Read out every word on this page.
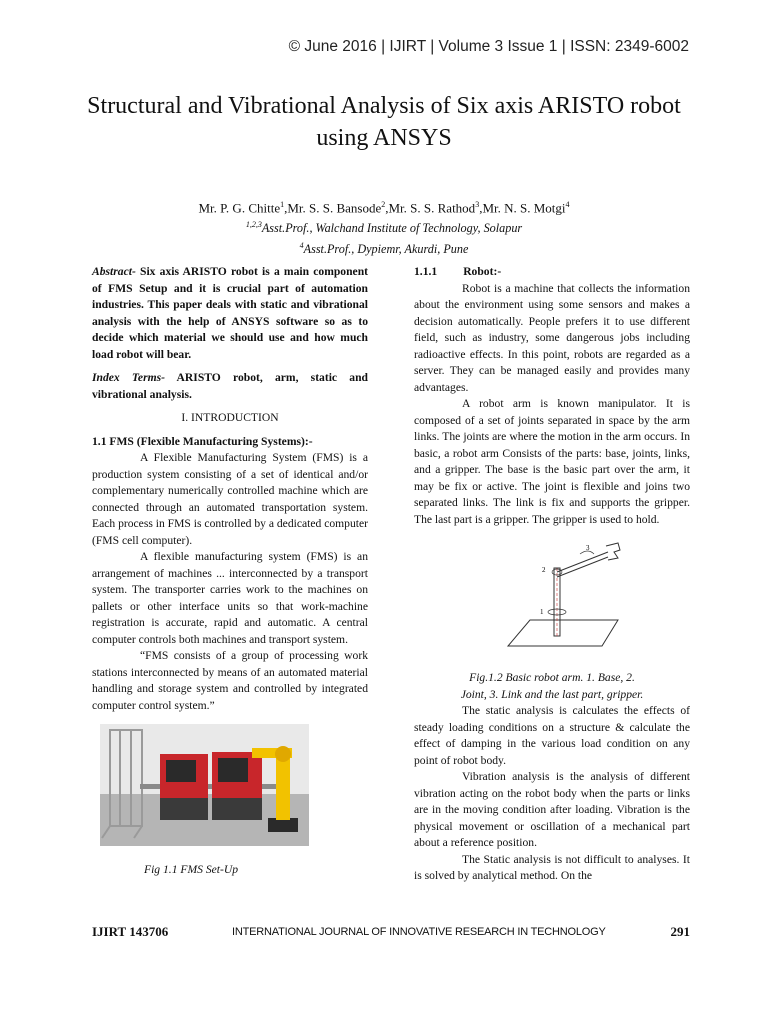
© June 2016 | IJIRT | Volume 3 Issue 1 | ISSN: 2349-6002
Structural and Vibrational Analysis of Six axis ARISTO robot using ANSYS
Mr. P. G. Chitte$^1$,Mr. S. S. Bansode$^2$,Mr. S. S. Rathod$^3$,Mr. N. S. Motgi$^4$
$^{1,2,3}$Asst.Prof., Walchand Institute of Technology, Solapur
$^4$Asst.Prof., Dypiemr, Akurdi, Pune

Abstract- Six axis ARISTO robot is a main component of FMS Setup and it is crucial part of automation industries. This paper deals with static and vibrational analysis with the help of ANSYS software so as to decide which material we should use and how much load robot will bear.

Index Terms- ARISTO robot, arm, static and vibrational analysis.

I. INTRODUCTION

1.1 FMS (Flexible Manufacturing Systems):-

A Flexible Manufacturing System (FMS) is a production system consisting of a set of identical and/or complementary numerically controlled machine which are connected through an automated transportation system. Each process in FMS is controlled by a dedicated computer (FMS cell computer).

A flexible manufacturing system (FMS) is an arrangement of machines ... interconnected by a transport system. The transporter carries work to the machines on pallets or other interface units so that work-machine registration is accurate, rapid and automatic. A central computer controls both machines and transport system.

“FMS consists of a group of processing work stations interconnected by means of an automated material handling and storage system and controlled by integrated computer control system.”

Fig 1.1 FMS Set-Up

1.1.1 Robot:-

Robot is a machine that collects the information about the environment using some sensors and makes a decision automatically. People prefers it to use different field, such as industry, some dangerous jobs including radioactive effects. In this point, robots are regarded as a server. They can be managed easily and provides many advantages.

A robot arm is known manipulator. It is composed of a set of joints separated in space by the arm links. The joints are where the motion in the arm occurs. In basic, a robot arm Consists of the parts: base, joints, links, and a gripper. The base is the basic part over the arm, it may be fix or active. The joint is flexible and joins two separated links. The link is fix and supports the gripper. The last part is a gripper. The gripper is used to hold.

1
2
3
Fig.1.2 Basic robot arm. 1. Base, 2.
Joint, 3. Link and the last part, gripper.

The static analysis is calculates the effects of steady loading conditions on a structure & calculate the effect of damping in the various load condition on any point of robot body.

Vibration analysis is the analysis of different vibration acting on the robot body when the parts or links are in the moving condition after loading. Vibration is the physical movement or oscillation of a mechanical part about a reference position.

The Static analysis is not difficult to analyses. It is solved by analytical method. On the

IJIRT 143706	INTERNATIONAL JOURNAL OF INNOVATIVE RESEARCH IN TECHNOLOGY	291
